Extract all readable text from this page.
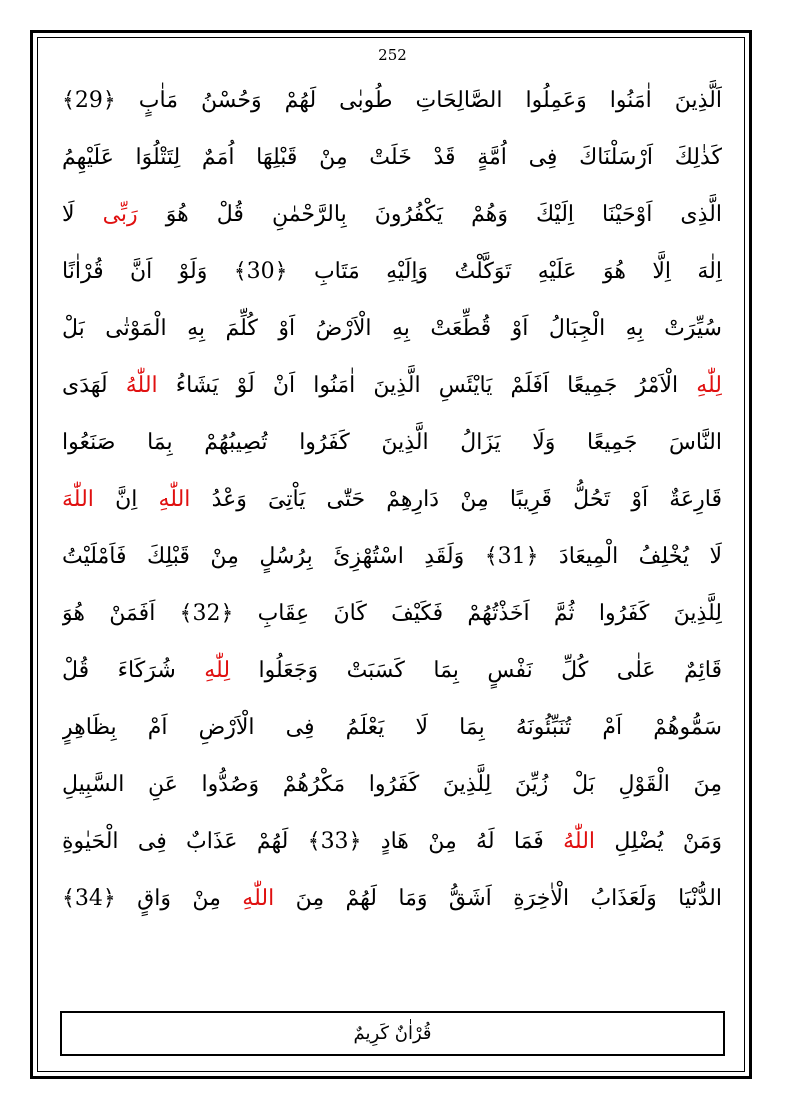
252
اَلَّذِينَ اٰمَنُوا وَعَمِلُوا الصَّالِحَاتِ طُوبٰى لَهُمْ وَحُسْنُ مَاٰبٍ ﴿29﴾
كَذٰلِكَ اَرْسَلْنَاكَ فِى اُمَّةٍ قَدْ خَلَتْ مِنْ قَبْلِهَا اُمَمٌ لِتَتْلُوَا عَلَيْهِمُ
الَّذِى اَوْحَيْنَا اِلَيْكَ وَهُمْ يَكْفُرُونَ بِالرَّحْمٰنِ قُلْ هُوَ رَبِّى لَا
اِلٰهَ اِلَّا هُوَ عَلَيْهِ تَوَكَّلْتُ وَاِلَيْهِ مَتَابِ ﴿30﴾ وَلَوْ اَنَّ قُرْاٰنًا
سُيِّرَتْ بِهِ الْجِبَالُ اَوْ قُطِّعَتْ بِهِ الْاَرْضُ اَوْ كُلِّمَ بِهِ الْمَوْتٰى بَلْ
لِلّٰهِ الْاَمْرُ جَمِيعًا اَفَلَمْ يَايْئَسِ الَّذِينَ اٰمَنُوا اَنْ لَوْ يَشَاءُ اللّٰهُ لَهَدَى
النَّاسَ جَمِيعًا وَلَا يَزَالُ الَّذِينَ كَفَرُوا تُصِيبُهُمْ بِمَا صَنَعُوا
قَارِعَةٌ اَوْ تَحُلُّ قَرِيبًا مِنْ دَارِهِمْ حَتّٰى يَاْتِىَ وَعْدُ اللّٰهِ اِنَّ اللّٰهَ
لَا يُخْلِفُ الْمِيعَادَ ﴿31﴾ وَلَقَدِ اسْتُهْزِئَ بِرُسُلٍ مِنْ قَبْلِكَ فَاَمْلَيْتُ
لِلَّذِينَ كَفَرُوا ثُمَّ اَخَذْتُهُمْ فَكَيْفَ كَانَ عِقَابِ ﴿32﴾ اَفَمَنْ هُوَ
قَائِمٌ عَلٰى كُلِّ نَفْسٍ بِمَا كَسَبَتْ وَجَعَلُوا لِلّٰهِ شُرَكَاءَ قُلْ
سَمُّوهُمْ اَمْ تُنَبِّئُونَهُ بِمَا لَا يَعْلَمُ فِى الْاَرْضِ اَمْ بِظَاهِرٍ
مِنَ الْقَوْلِ بَلْ زُيِّنَ لِلَّذِينَ كَفَرُوا مَكْرُهُمْ وَصُدُّوا عَنِ السَّبِيلِ
وَمَنْ يُضْلِلِ اللّٰهُ فَمَا لَهُ مِنْ هَادٍ ﴿33﴾ لَهُمْ عَذَابٌ فِى الْحَيٰوةِ
الدُّنْيَا وَلَعَذَابُ الْاٰخِرَةِ اَشَقُّ وَمَا لَهُمْ مِنَ اللّٰهِ مِنْ وَاقٍ ﴿34﴾
قُرْاٰنٌ كَرِيمٌ
